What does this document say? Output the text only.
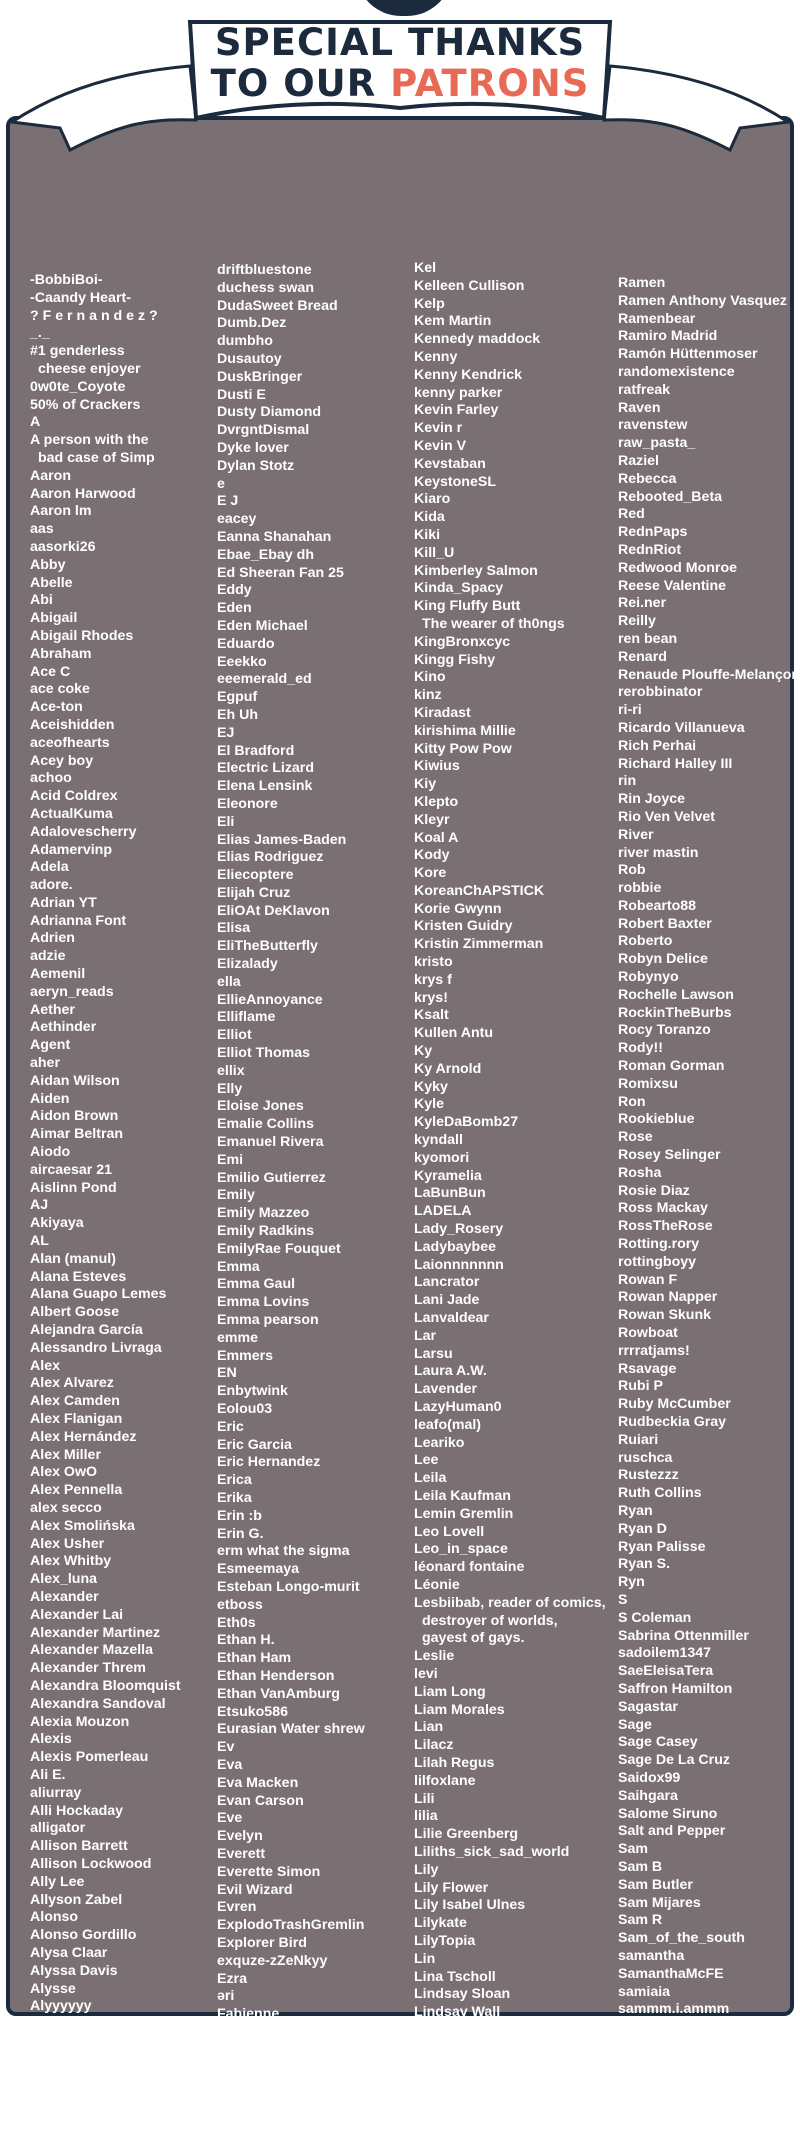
-BobbiBoi-
-Caandy Heart-
? F e r n a n d e z ?
_._
#1 genderless
cheese enjoyer
0w0te_Coyote
50% of Crackers
A
A person with the
bad case of Simp
Aaron
Aaron Harwood
Aaron lm
aas
aasorki26
Abby
Abelle
Abi
Abigail
Abigail Rhodes
Abraham
Ace C
ace coke
Ace-ton
Aceishidden
aceofhearts
Acey boy
achoo
Acid Coldrex
ActualKuma
Adalovescherry
Adamervinp
Adela
adore.
Adrian YT
Adrianna Font
Adrien
adzie
Aemenil
aeryn_reads
Aether
Aethinder
Agent
aher
Aidan Wilson
Aiden
Aidon Brown
Aimar Beltran
Aiodo
aircaesar 21
Aislinn Pond
AJ
Akiyaya
AL
Alan (manul)
Alana Esteves
Alana Guapo Lemes
Albert Goose
Alejandra García
Alessandro Livraga
Alex
Alex Alvarez
Alex Camden
Alex Flanigan
Alex Hernández
Alex Miller
Alex OwO
Alex Pennella
alex secco
Alex Smolińska
Alex Usher
Alex Whitby
Alex_luna
Alexander
Alexander Lai
Alexander Martinez
Alexander Mazella
Alexander Threm
Alexandra Bloomquist
Alexandra Sandoval
Alexia Mouzon
Alexis
Alexis Pomerleau
Ali E.
aliurray
Alli Hockaday
alligator
Allison Barrett
Allison Lockwood
Ally Lee
Allyson Zabel
Alonso
Alonso Gordillo
Alysa Claar
Alyssa Davis
Alysse
Alyyyyyy
Amanda Ellis
Amara
Amaterasu0
Ambar
Ambryia
Amelie Poulin
driftbluestone
duchess swan
DudaSweet Bread
Dumb.Dez
dumbho
Dusautoy
DuskBringer
Dusti E
Dusty Diamond
DvrgntDismal
Dyke lover
Dylan Stotz
e
E J
eacey
Eanna Shanahan
Ebae_Ebay dh
Ed Sheeran Fan 25
Eddy
Eden
Eden Michael
Eduardo
Eeekko
eeemerald_ed
Egpuf
Eh Uh
EJ
El Bradford
Electric Lizard
Elena Lensink
Eleonore
Eli
Elias James-Baden
Elias Rodriguez
Eliecoptere
Elijah Cruz
EliOAt DeKlavon
Elisa
EliTheButterfly
Elizalady
ella
EllieAnnoyance
Elliflame
Elliot
Elliot Thomas
ellix
Elly
Eloise Jones
Emalie Collins
Emanuel Rivera
Emi
Emilio Gutierrez
Emily
Emily Mazzeo
Emily Radkins
EmilyRae Fouquet
Emma
Emma Gaul
Emma Lovins
Emma pearson
emme
Emmers
EN
Enbytwink
Eolou03
Eric
Eric Garcia
Eric Hernandez
Erica
Erika
Erin :b
Erin G.
erm what the sigma
Esmeemaya
Esteban Longo-murit
etboss
Eth0s
Ethan H.
Ethan Ham
Ethan Henderson
Ethan VanAmburg
Etsuko586
Eurasian Water shrew
Ev
Eva
Eva Macken
Evan Carson
Eve
Evelyn
Everett
Everette Simon
Evil Wizard
Evren
ExplodoTrashGremlin
Explorer Bird
exquze-zZeNkyy
Ezra
əri
Fabienne
FAEN
FairyFeetBrat
Faith
FangDraws
FateIV
FAWN
Kel
Kelleen Cullison
Kelp
Kem Martin
Kennedy maddock
Kenny
Kenny Kendrick
kenny parker
Kevin Farley
Kevin r
Kevin V
Kevstaban
KeystoneSL
Kiaro
Kida
Kiki
Kill_U
Kimberley Salmon
Kinda_Spacy
King Fluffy Butt
The wearer of th0ngs
KingBronxcyc
Kingg Fishy
Kino
kinz
Kiradast
kirishima Millie
Kitty Pow Pow
Kiwius
Kiy
Klepto
Kleyr
Koal A
Kody
Kore
KoreanChAPSTICK
Korie Gwynn
Kristen Guidry
Kristin Zimmerman
kristo
krys f
krys!
Ksalt
Kullen Antu
Ky
Ky Arnold
Kyky
Kyle
KyleDaBomb27
kyndall
kyomori
Kyramelia
LaBunBun
LADELA
Lady_Rosery
Ladybaybee
Laionnnnnnn
Lancrator
Lani Jade
Lanvaldear
Lar
Larsu
Laura A.W.
Lavender
LazyHuman0
leafo(mal)
Leariko
Lee
Leila
Leila Kaufman
Lemin Gremlin
Leo Lovell
Leo_in_space
léonard fontaine
Léonie
Lesbiibab, reader of comics,
destroyer of worlds,
gayest of gays.
Leslie
levi
Liam Long
Liam Morales
Lian
Lilacz
Lilah Regus
lilfoxlane
Lili
lilia
Lilie Greenberg
Liliths_sick_sad_world
Lily
Lily Flower
Lily Isabel Ulnes
Lilykate
LilyTopia
Lin
Lina Tscholl
Lindsay Sloan
Lindsay Wall
LindsLikes007
Linea Storta
Linermaster0v0
Link
Liseth Godinez
Littledising
Ramen
Ramen Anthony Vasquez
Ramenbear
Ramiro Madrid
Ramón Hüttenmoser
randomexistence
ratfreak
Raven
ravenstew
raw_pasta_
Raziel
Rebecca
Rebooted_Beta
Red
RednPaps
RednRiot
Redwood Monroe
Reese Valentine
Rei.ner
Reilly
ren bean
Renard
Renaude Plouffe-Melançon
rerobbinator
ri-ri
Ricardo Villanueva
Rich Perhai
Richard Halley III
rin
Rin Joyce
Rio Ven Velvet
River
river mastin
Rob
robbie
Robearto88
Robert Baxter
Roberto
Robyn Delice
Robynyo
Rochelle Lawson
RockinTheBurbs
Rocy Toranzo
Rody!!
Roman Gorman
Romixsu
Ron
Rookieblue
Rose
Rosey Selinger
Rosha
Rosie Diaz
Ross Mackay
RossTheRose
Rotting.rory
rottingboyy
Rowan F
Rowan Napper
Rowan Skunk
Rowboat
rrrratjams!
Rsavage
Rubi P
Ruby McCumber
Rudbeckia Gray
Ruiari
ruschca
Rustezzz
Ruth Collins
Ryan
Ryan D
Ryan Palisse
Ryan S.
Ryn
S
S Coleman
Sabrina Ottenmiller
sadoilem1347
SaeEleisaTera
Saffron Hamilton
Sagastar
Sage
Sage Casey
Sage De La Cruz
Saidox99
Saihgara
Salome Siruno
Salt and Pepper
Sam
Sam B
Sam Butler
Sam Mijares
Sam R
Sam_of_the_south
samantha
SamanthaMcFE
samiaia
sammm.i.ammm
SamMont
Sammyy
Samson Biely
Sandstorm
Sanja Trinki
santi
SPECIAL THANKS
TO OUR PATRONS
